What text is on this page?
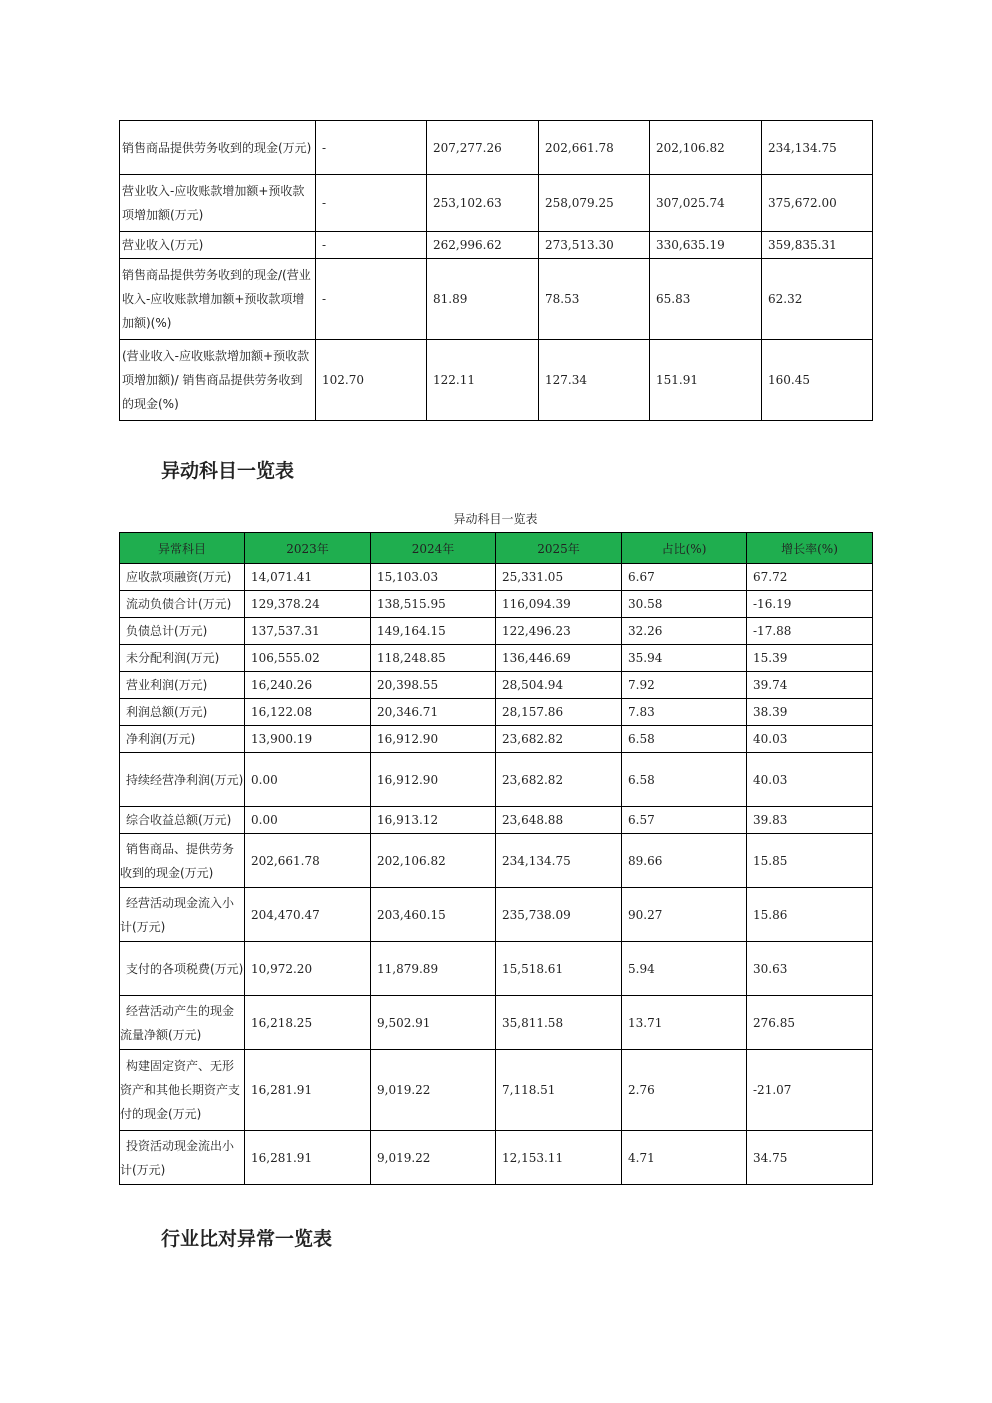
销售商品提供劳务收到的现金(万元)	-	207,277.26	202,661.78	202,106.82	234,134.75
营业收入-应收账款增加额+预收款项增加额(万元)	-	253,102.63	258,079.25	307,025.74	375,672.00
营业收入(万元)	-	262,996.62	273,513.30	330,635.19	359,835.31
销售商品提供劳务收到的现金/(营业收入-应收账款增加额+预收款项增加额)(%)	-	81.89	78.53	65.83	62.32
(营业收入-应收账款增加额+预收款项增加额)/ 销售商品提供劳务收到的现金(%)	102.70	122.11	127.34	151.91	160.45
异动科目一览表
异动科目一览表
异常科目	2023年	2024年	2025年	占比(%)	增长率(%)
应收款项融资(万元)	14,071.41	15,103.03	25,331.05	6.67	67.72
流动负债合计(万元)	129,378.24	138,515.95	116,094.39	30.58	-16.19
负债总计(万元)	137,537.31	149,164.15	122,496.23	32.26	-17.88
未分配利润(万元)	106,555.02	118,248.85	136,446.69	35.94	15.39
营业利润(万元)	16,240.26	20,398.55	28,504.94	7.92	39.74
利润总额(万元)	16,122.08	20,346.71	28,157.86	7.83	38.39
净利润(万元)	13,900.19	16,912.90	23,682.82	6.58	40.03
持续经营净利润(万元)	0.00	16,912.90	23,682.82	6.58	40.03
综合收益总额(万元)	0.00	16,913.12	23,648.88	6.57	39.83
销售商品、提供劳务收到的现金(万元)	202,661.78	202,106.82	234,134.75	89.66	15.85
经营活动现金流入小计(万元)	204,470.47	203,460.15	235,738.09	90.27	15.86
支付的各项税费(万元)	10,972.20	11,879.89	15,518.61	5.94	30.63
经营活动产生的现金流量净额(万元)	16,218.25	9,502.91	35,811.58	13.71	276.85
构建固定资产、无形资产和其他长期资产支付的现金(万元)	16,281.91	9,019.22	7,118.51	2.76	-21.07
投资活动现金流出小计(万元)	16,281.91	9,019.22	12,153.11	4.71	34.75
行业比对异常一览表
